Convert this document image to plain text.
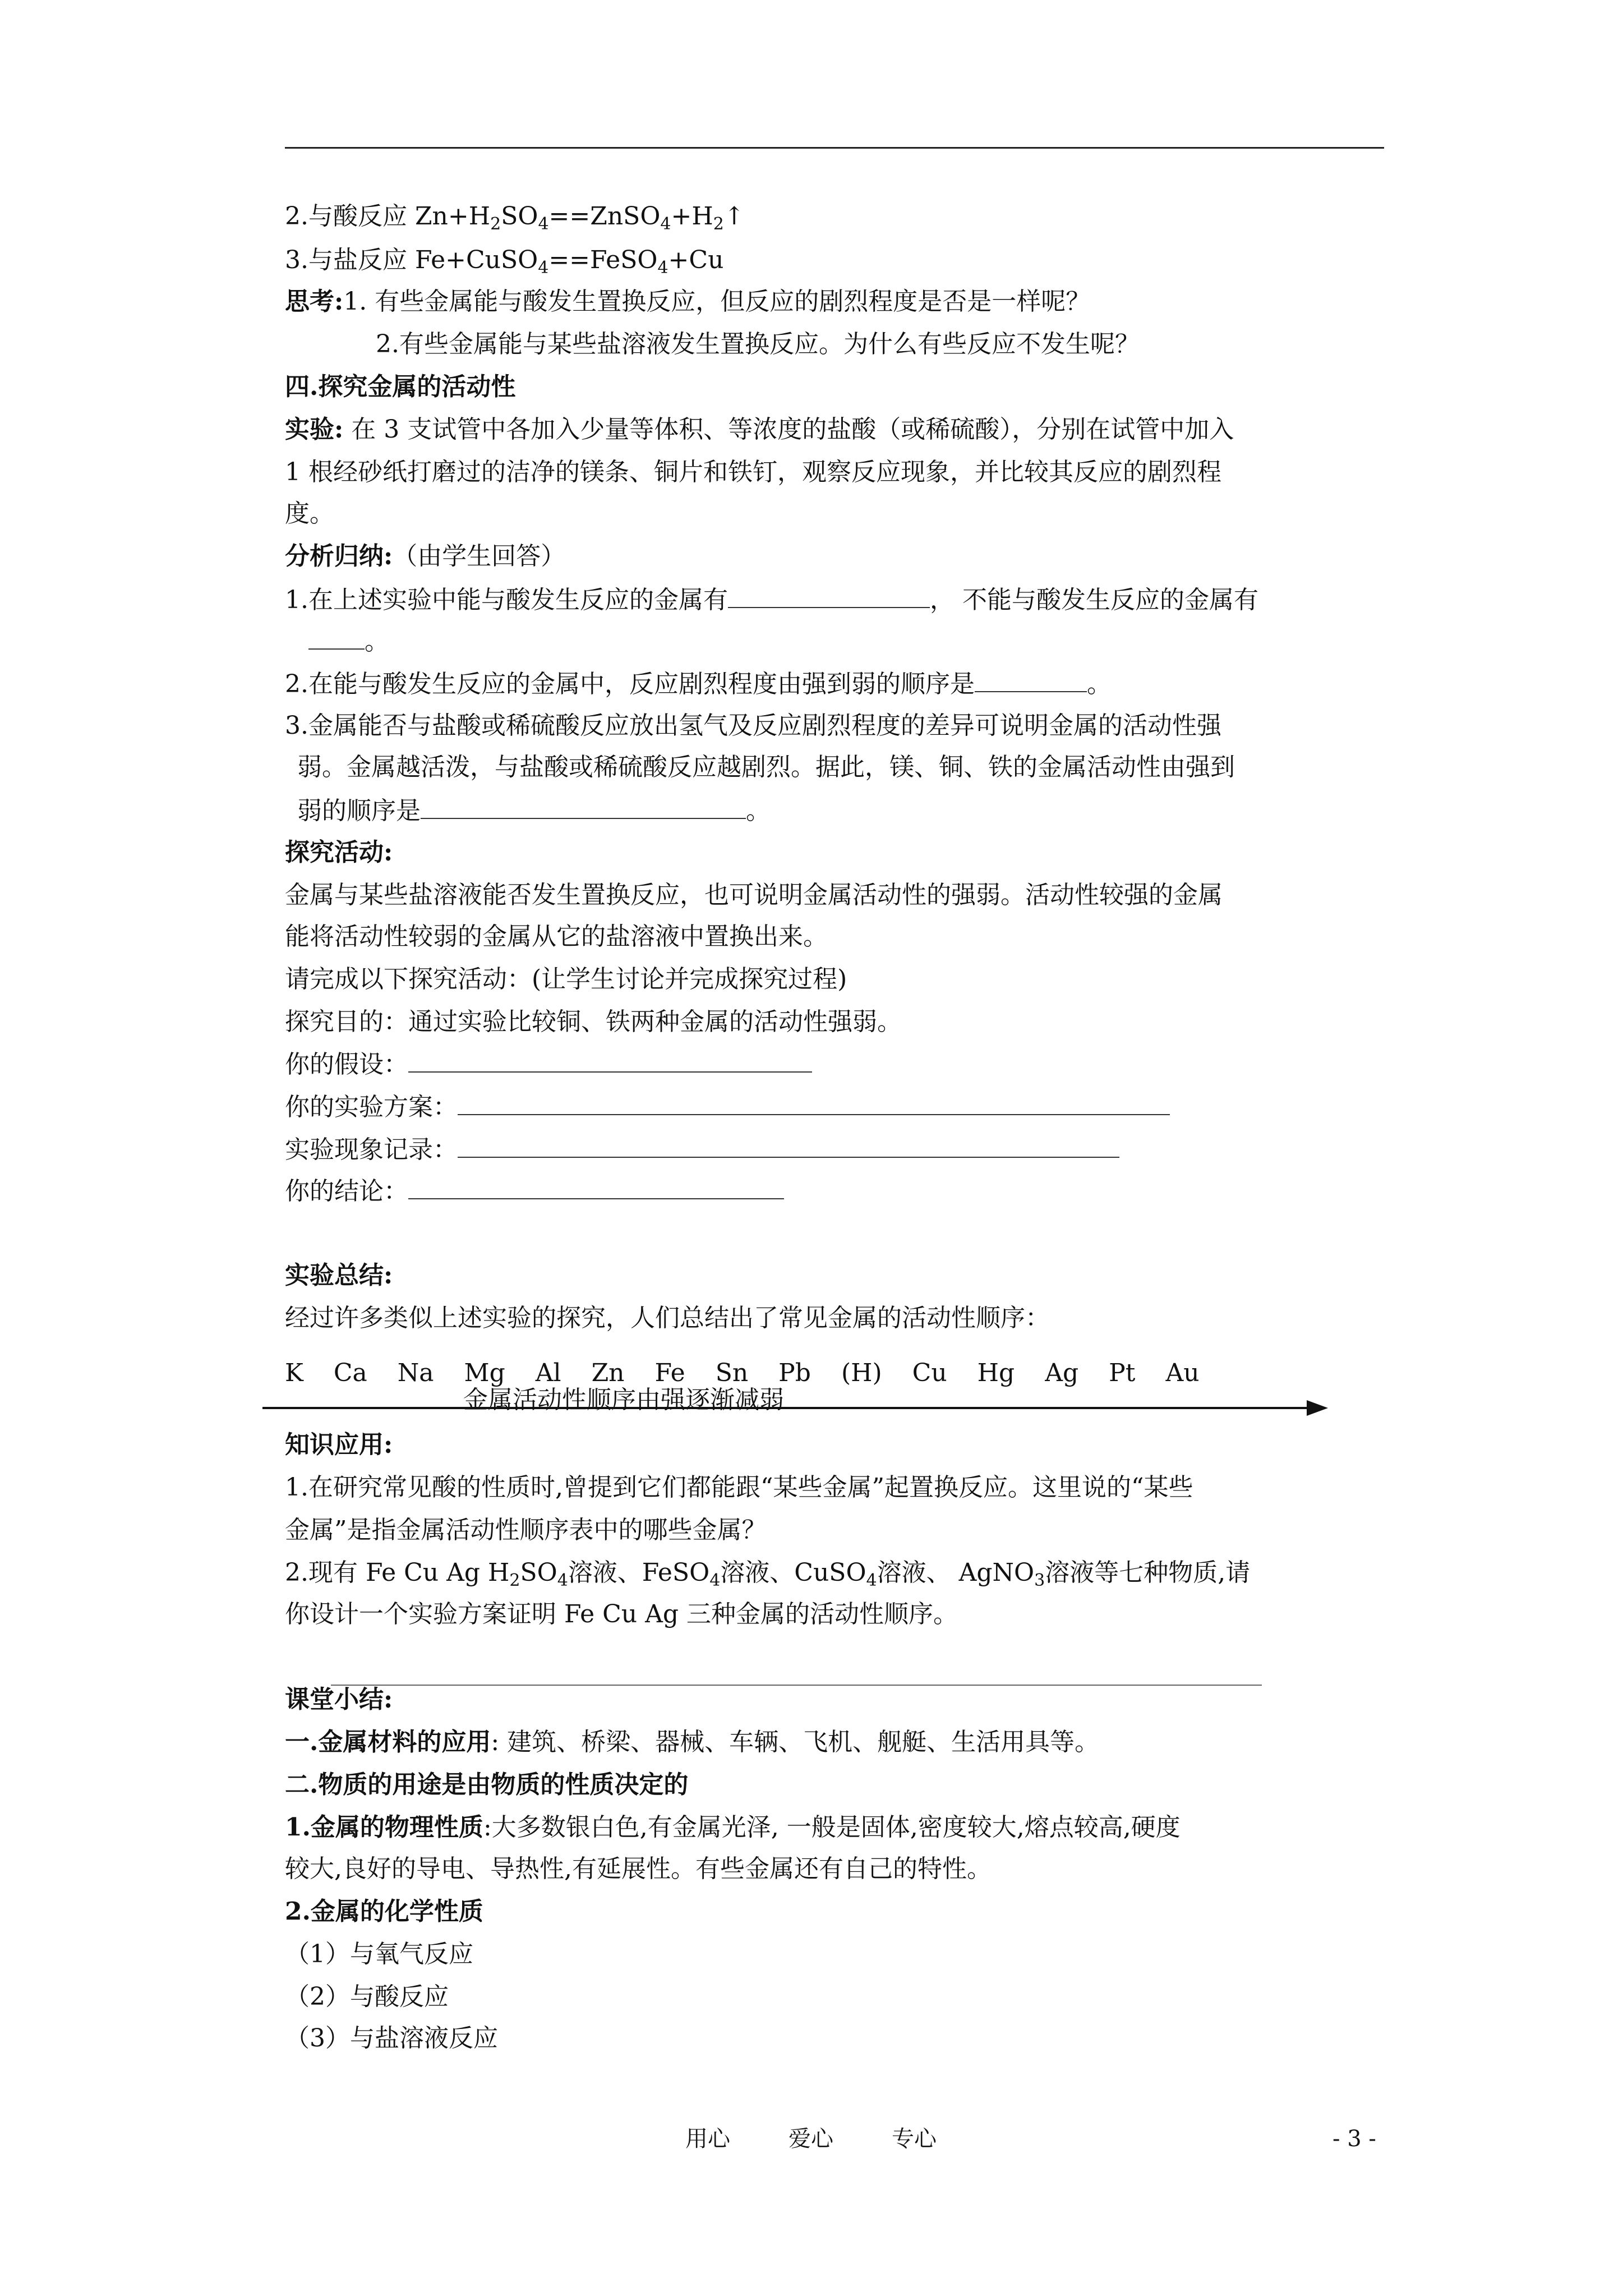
2.与酸反应 $Zn+H_2SO_4==ZnSO_4+H_2↑$
3.与盐反应 Fe+CuSO$_4$==FeSO$_4$+Cu
思考:1. 有些金属能与酸发生置换反应，但反应的剧烈程度是否是一样呢？
2.有些金属能与某些盐溶液发生置换反应。为什么有些反应不发生呢？
四.探究金属的活动性
实验: 在 3 支试管中各加入少量等体积、等浓度的盐酸（或稀硫酸），分别在试管中加入
1 根经砂纸打磨过的洁净的镁条、铜片和铁钉，观察反应现象，并比较其反应的剧烈程
度。
分析归纳:（由学生回答）
1.在上述实验中能与酸发生反应的金属有	， 不能与酸发生反应的金属有
。
2.在能与酸发生反应的金属中，反应剧烈程度由强到弱的顺序是	。
3.金属能否与盐酸或稀硫酸反应放出氢气及反应剧烈程度的差异可说明金属的活动性强
弱。金属越活泼，与盐酸或稀硫酸反应越剧烈。据此，镁、铜、铁的金属活动性由强到
弱的顺序是	。
探究活动:
金属与某些盐溶液能否发生置换反应，也可说明金属活动性的强弱。活动性较强的金属
能将活动性较弱的金属从它的盐溶液中置换出来。
请完成以下探究活动：(让学生讨论并完成探究过程)
探究目的：通过实验比较铜、铁两种金属的活动性强弱。
你的假设：
你的实验方案：
实验现象记录：
你的结论：
实验总结:
经过许多类似上述实验的探究，人们总结出了常见金属的活动性顺序：
K Ca Na Mg Al Zn Fe Sn Pb (H) Cu Hg Ag Pt Au
金属活动性顺序由强逐渐减弱
知识应用:
1.在研究常见酸的性质时,曾提到它们都能跟“某些金属”起置换反应。这里说的“某些
金属”是指金属活动性顺序表中的哪些金属？
2.现有 Fe Cu Ag $H_2SO_4$溶液、FeSO$_4$溶液、CuSO$_4$溶液、 AgNO$_3$溶液等七种物质,请
你设计一个实验方案证明 Fe Cu Ag 三种金属的活动性顺序。
课堂小结:
一.金属材料的应用: 建筑、桥梁、器械、车辆、飞机、舰艇、生活用具等。
二.物质的用途是由物质的性质决定的
1.金属的物理性质:大多数银白色,有金属光泽, 一般是固体,密度较大,熔点较高,硬度
较大,良好的导电、导热性,有延展性。有些金属还有自己的特性。
2.金属的化学性质
（1）与氧气反应
（2）与酸反应
（3）与盐溶液反应
用心	爱心	专心	- 3 -
